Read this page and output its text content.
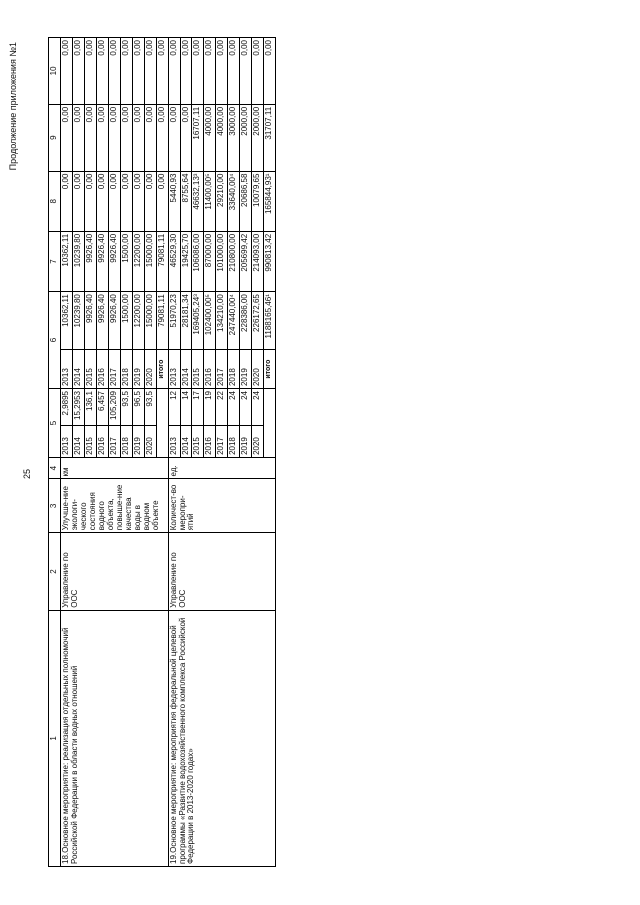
25
Продолжение приложения №1
1	2	3	4	5		6		7	8	9	10
18.Основное мероприятие: реализация отдельных полномочий Российской Федерации в области водных отношений	Управление по ООС	Улучше-ние экологи-ческого состояния водного объекта, повыше-ние качества воды в водном объекте	км	2013	2,9895	2013	10362,11	10362,11	0,00	0,00	0,00
				2014	15,2953	2014	10239,80	10239,80	0,00	0,00	0,00
				2015	136,1	2015	9926,40	9926,40	0,00	0,00	0,00
				2016	6,457	2016	9926,40	9926,40	0,00	0,00	0,00
				2017	105,209	2017	9926,40	9926,40	0,00	0,00	0,00
				2018	93,5	2018	1500,00	1500,00	0,00	0,00	0,00
				2019	96,5	2019	12200,00	12200,00	0,00	0,00	0,00
				2020	93,5	2020	15000,00	15000,00	0,00	0,00	0,00
						итого	79081,11	79081,11	0,00	0,00	0,00
19.Основное мероприятие: мероприятия федеральной целевой программы «Развитие водохозяйственного комплекса Российской Федерации в 2013-2020 годах»	Управление по ООС	Количест-во меропри-ятий	ед.	2013	12	2013	51970,23	46529,30	5440,93	0,00	0,00
				2014	14	2014	28181,34	19425,70	8755,64	0,00	0,00
				2015	17	2015	169405,24³	106086,00	46632,13³	16707,11	0,00
				2016	19	2016	102400,00⁵	87000,00	11400,00⁵	4000,00	0,00
				2017	22	2017	134210,00	101000,00	29210,00	4000,00	0,00
				2018	24	2018	247440,00⁴	210800,00	33640,00⁴	3000,00	0,00
				2019	24	2019	228386,00	205699,42	20686,58	2000,00	0,00
				2020	24	2020	226172,65	214093,00	10079,65	2000,00	0,00
						итого	1188165,46¹	990813,42	165844,93¹	31707,11	0,00
